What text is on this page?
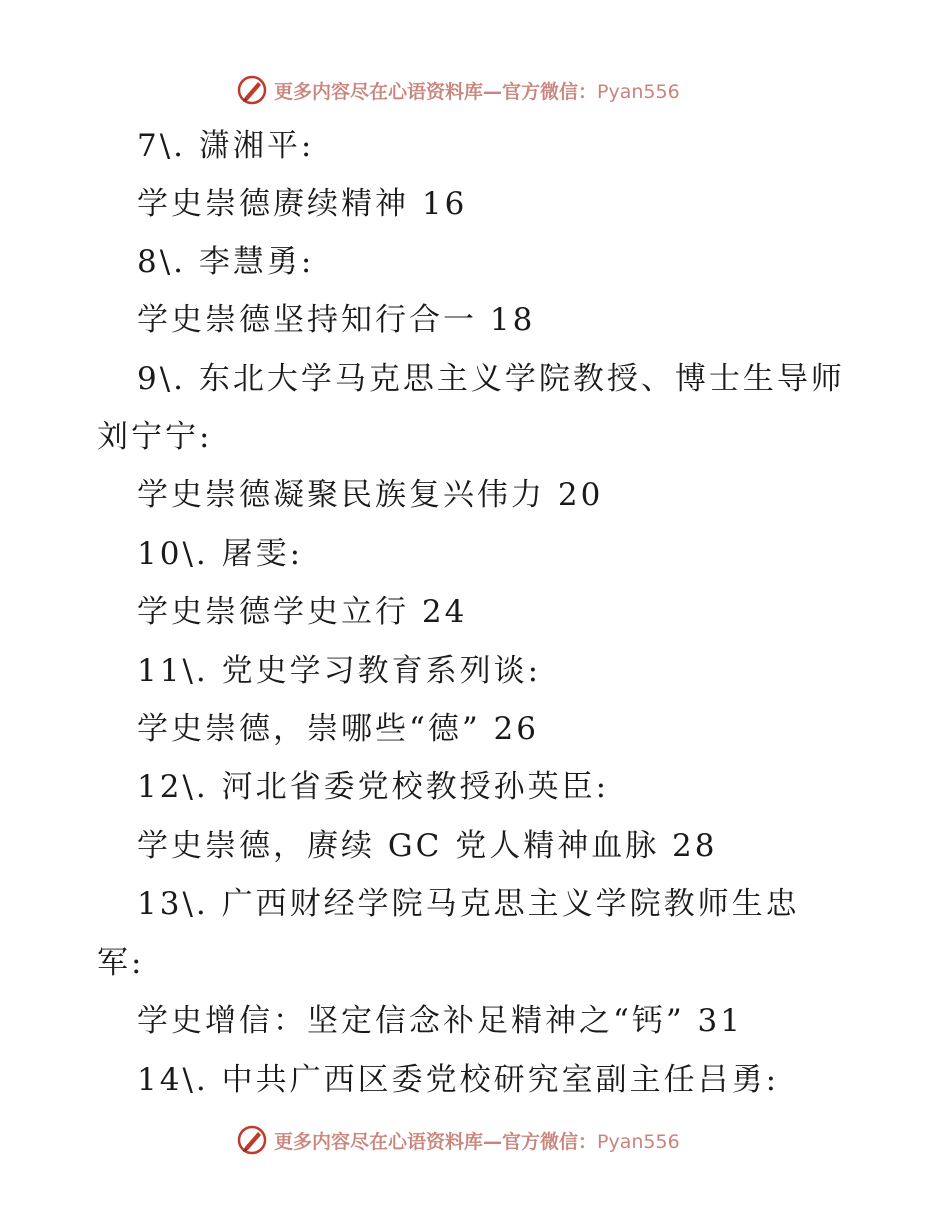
更多内容尽在心语资料库—官方微信：Pyan556
7\. 潇湘平:
学史崇德赓续精神 16
8\. 李慧勇:
学史崇德坚持知行合一 18
9\. 东北大学马克思主义学院教授、博士生导师
刘宁宁:
学史崇德凝聚民族复兴伟力 20
10\. 屠雯:
学史崇德学史立行 24
11\. 党史学习教育系列谈:
学史崇德，崇哪些“德” 26
12\. 河北省委党校教授孙英臣:
学史崇德，赓续 GC 党人精神血脉 28
13\. 广西财经学院马克思主义学院教师生忠
军:
学史增信：坚定信念补足精神之“钙” 31
14\. 中共广西区委党校研究室副主任吕勇:
更多内容尽在心语资料库—官方微信：Pyan556
